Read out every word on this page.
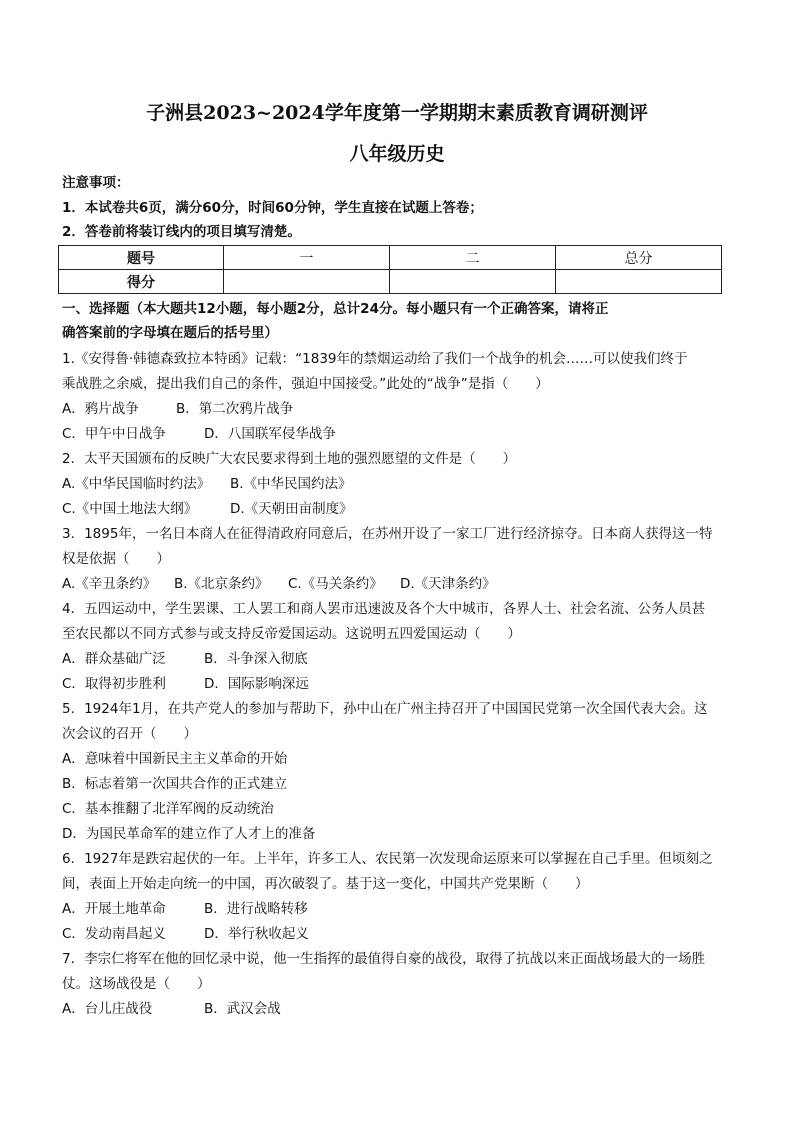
子洲县2023~2024学年度第一学期期末素质教育调研测评
八年级历史
注意事项：
1．本试卷共6页，满分60分，时间60分钟，学生直接在试题上答卷；
2．答卷前将装订线内的项目填写清楚。
题号	一	二	总分
得分			
一、选择题（本大题共12小题，每小题2分，总计24分。每小题只有一个正确答案，请将正
确答案前的字母填在题后的括号里）
1.《安得鲁·韩德森致拉本特函》记载：“1839年的禁烟运动给了我们一个战争的机会……可以使我们终于
乘战胜之余威，提出我们自己的条件，强迫中国接受。”此处的“战争”是指（　　）
A．鸦片战争	B．第二次鸦片战争
C．甲午中日战争	D．八国联军侵华战争
2．太平天国颁布的反映广大农民要求得到土地的强烈愿望的文件是（　　）
A.《中华民国临时约法》 B.《中华民国约法》
C.《中国土地法大纲》 D.《天朝田亩制度》
3．1895年，一名日本商人在征得清政府同意后，在苏州开设了一家工厂进行经济掠夺。日本商人获得这一特
权是依据（　　）
A.《辛丑条约》 B.《北京条约》 C.《马关条约》 D.《天津条约》
4．五四运动中，学生罢课、工人罢工和商人罢市迅速波及各个大中城市，各界人士、社会名流、公务人员甚
至农民都以不同方式参与或支持反帝爱国运动。这说明五四爱国运动（　　）
A．群众基础广泛	B．斗争深入彻底
C．取得初步胜利	D．国际影响深远
5．1924年1月，在共产党人的参加与帮助下，孙中山在广州主持召开了中国国民党第一次全国代表大会。这
次会议的召开（　　）
A．意味着中国新民主主义革命的开始
B．标志着第一次国共合作的正式建立
C．基本推翻了北洋军阀的反动统治
D．为国民革命军的建立作了人才上的准备
6．1927年是跌宕起伏的一年。上半年，许多工人、农民第一次发现命运原来可以掌握在自己手里。但顷刻之
间，表面上开始走向统一的中国，再次破裂了。基于这一变化，中国共产党果断（　　）
A．开展土地革命	B．进行战略转移
C．发动南昌起义	D．举行秋收起义
7．李宗仁将军在他的回忆录中说，他一生指挥的最值得自豪的战役，取得了抗战以来正面战场最大的一场胜
仗。这场战役是（　　）
A．台儿庄战役	B．武汉会战
